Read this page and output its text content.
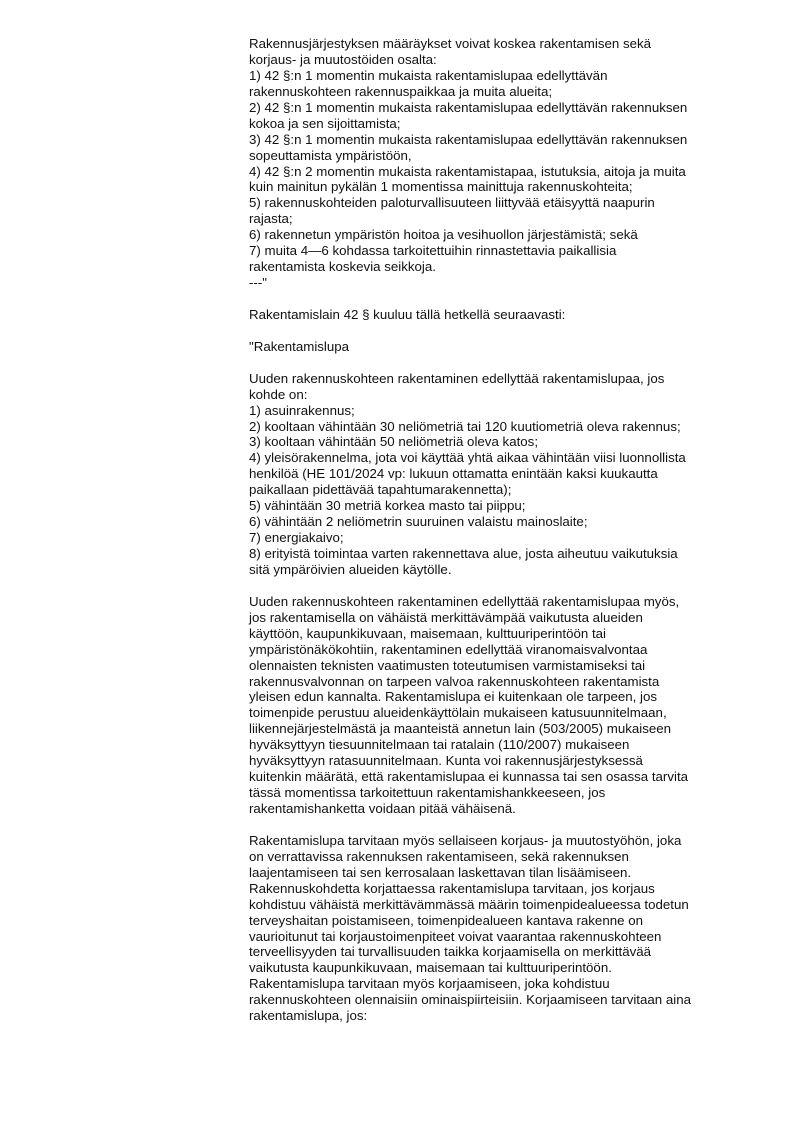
Rakennusjärjestyksen määräykset voivat koskea rakentamisen sekä
korjaus- ja muutostöiden osalta:
1) 42 §:n 1 momentin mukaista rakentamislupaa edellyttävän
rakennuskohteen rakennuspaikkaa ja muita alueita;
2) 42 §:n 1 momentin mukaista rakentamislupaa edellyttävän rakennuksen
kokoa ja sen sijoittamista;
3) 42 §:n 1 momentin mukaista rakentamislupaa edellyttävän rakennuksen
sopeuttamista ympäristöön,
4) 42 §:n 2 momentin mukaista rakentamistapaa, istutuksia, aitoja ja muita
kuin mainitun pykälän 1 momentissa mainittuja rakennuskohteita;
5) rakennuskohteiden paloturvallisuuteen liittyvää etäisyyttä naapurin
rajasta;
6) rakennetun ympäristön hoitoa ja vesihuollon järjestämistä; sekä
7) muita 4—6 kohdassa tarkoitettuihin rinnastettavia paikallisia
rakentamista koskevia seikkoja.
---"
Rakentamislain 42 § kuuluu tällä hetkellä seuraavasti:
"Rakentamislupa
Uuden rakennuskohteen rakentaminen edellyttää rakentamislupaa, jos
kohde on:
1) asuinrakennus;
2) kooltaan vähintään 30 neliömetriä tai 120 kuutiometriä oleva rakennus;
3) kooltaan vähintään 50 neliömetriä oleva katos;
4) yleisörakennelma, jota voi käyttää yhtä aikaa vähintään viisi luonnollista
henkilöä (HE 101/2024 vp: lukuun ottamatta enintään kaksi kuukautta
paikallaan pidettävää tapahtumarakennetta);
5) vähintään 30 metriä korkea masto tai piippu;
6) vähintään 2 neliömetrin suuruinen valaistu mainoslaite;
7) energiakaivo;
8) erityistä toimintaa varten rakennettava alue, josta aiheutuu vaikutuksia
sitä ympäröivien alueiden käytölle.
Uuden rakennuskohteen rakentaminen edellyttää rakentamislupaa myös,
jos rakentamisella on vähäistä merkittävämpää vaikutusta alueiden
käyttöön, kaupunkikuvaan, maisemaan, kulttuuriperintöön tai
ympäristönäkökohtiin, rakentaminen edellyttää viranomaisvalvontaa
olennaisten teknisten vaatimusten toteutumisen varmistamiseksi tai
rakennusvalvonnan on tarpeen valvoa rakennuskohteen rakentamista
yleisen edun kannalta. Rakentamislupa ei kuitenkaan ole tarpeen, jos
toimenpide perustuu alueidenkäyttölain mukaiseen katusuunnitelmaan,
liikennejärjestelmästä ja maanteistä annetun lain (503/2005) mukaiseen
hyväksyttyyn tiesuunnitelmaan tai ratalain (110/2007) mukaiseen
hyväksyttyyn ratasuunnitelmaan. Kunta voi rakennusjärjestyksessä
kuitenkin määrätä, että rakentamislupaa ei kunnassa tai sen osassa tarvita
tässä momentissa tarkoitettuun rakentamishankkeeseen, jos
rakentamishanketta voidaan pitää vähäisenä.
Rakentamislupa tarvitaan myös sellaiseen korjaus- ja muutostyöhön, joka
on verrattavissa rakennuksen rakentamiseen, sekä rakennuksen
laajentamiseen tai sen kerrosalaan laskettavan tilan lisäämiseen.
Rakennuskohdetta korjattaessa rakentamislupa tarvitaan, jos korjaus
kohdistuu vähäistä merkittävämmässä määrin toimenpidealueessa todetun
terveyshaitan poistamiseen, toimenpidealueen kantava rakenne on
vaurioitunut tai korjaustoimenpiteet voivat vaarantaa rakennuskohteen
terveellisyyden tai turvallisuuden taikka korjaamisella on merkittävää
vaikutusta kaupunkikuvaan, maisemaan tai kulttuuriperintöön.
Rakentamislupa tarvitaan myös korjaamiseen, joka kohdistuu
rakennuskohteen olennaisiin ominaispiirteisiin. Korjaamiseen tarvitaan aina
rakentamislupa, jos:
